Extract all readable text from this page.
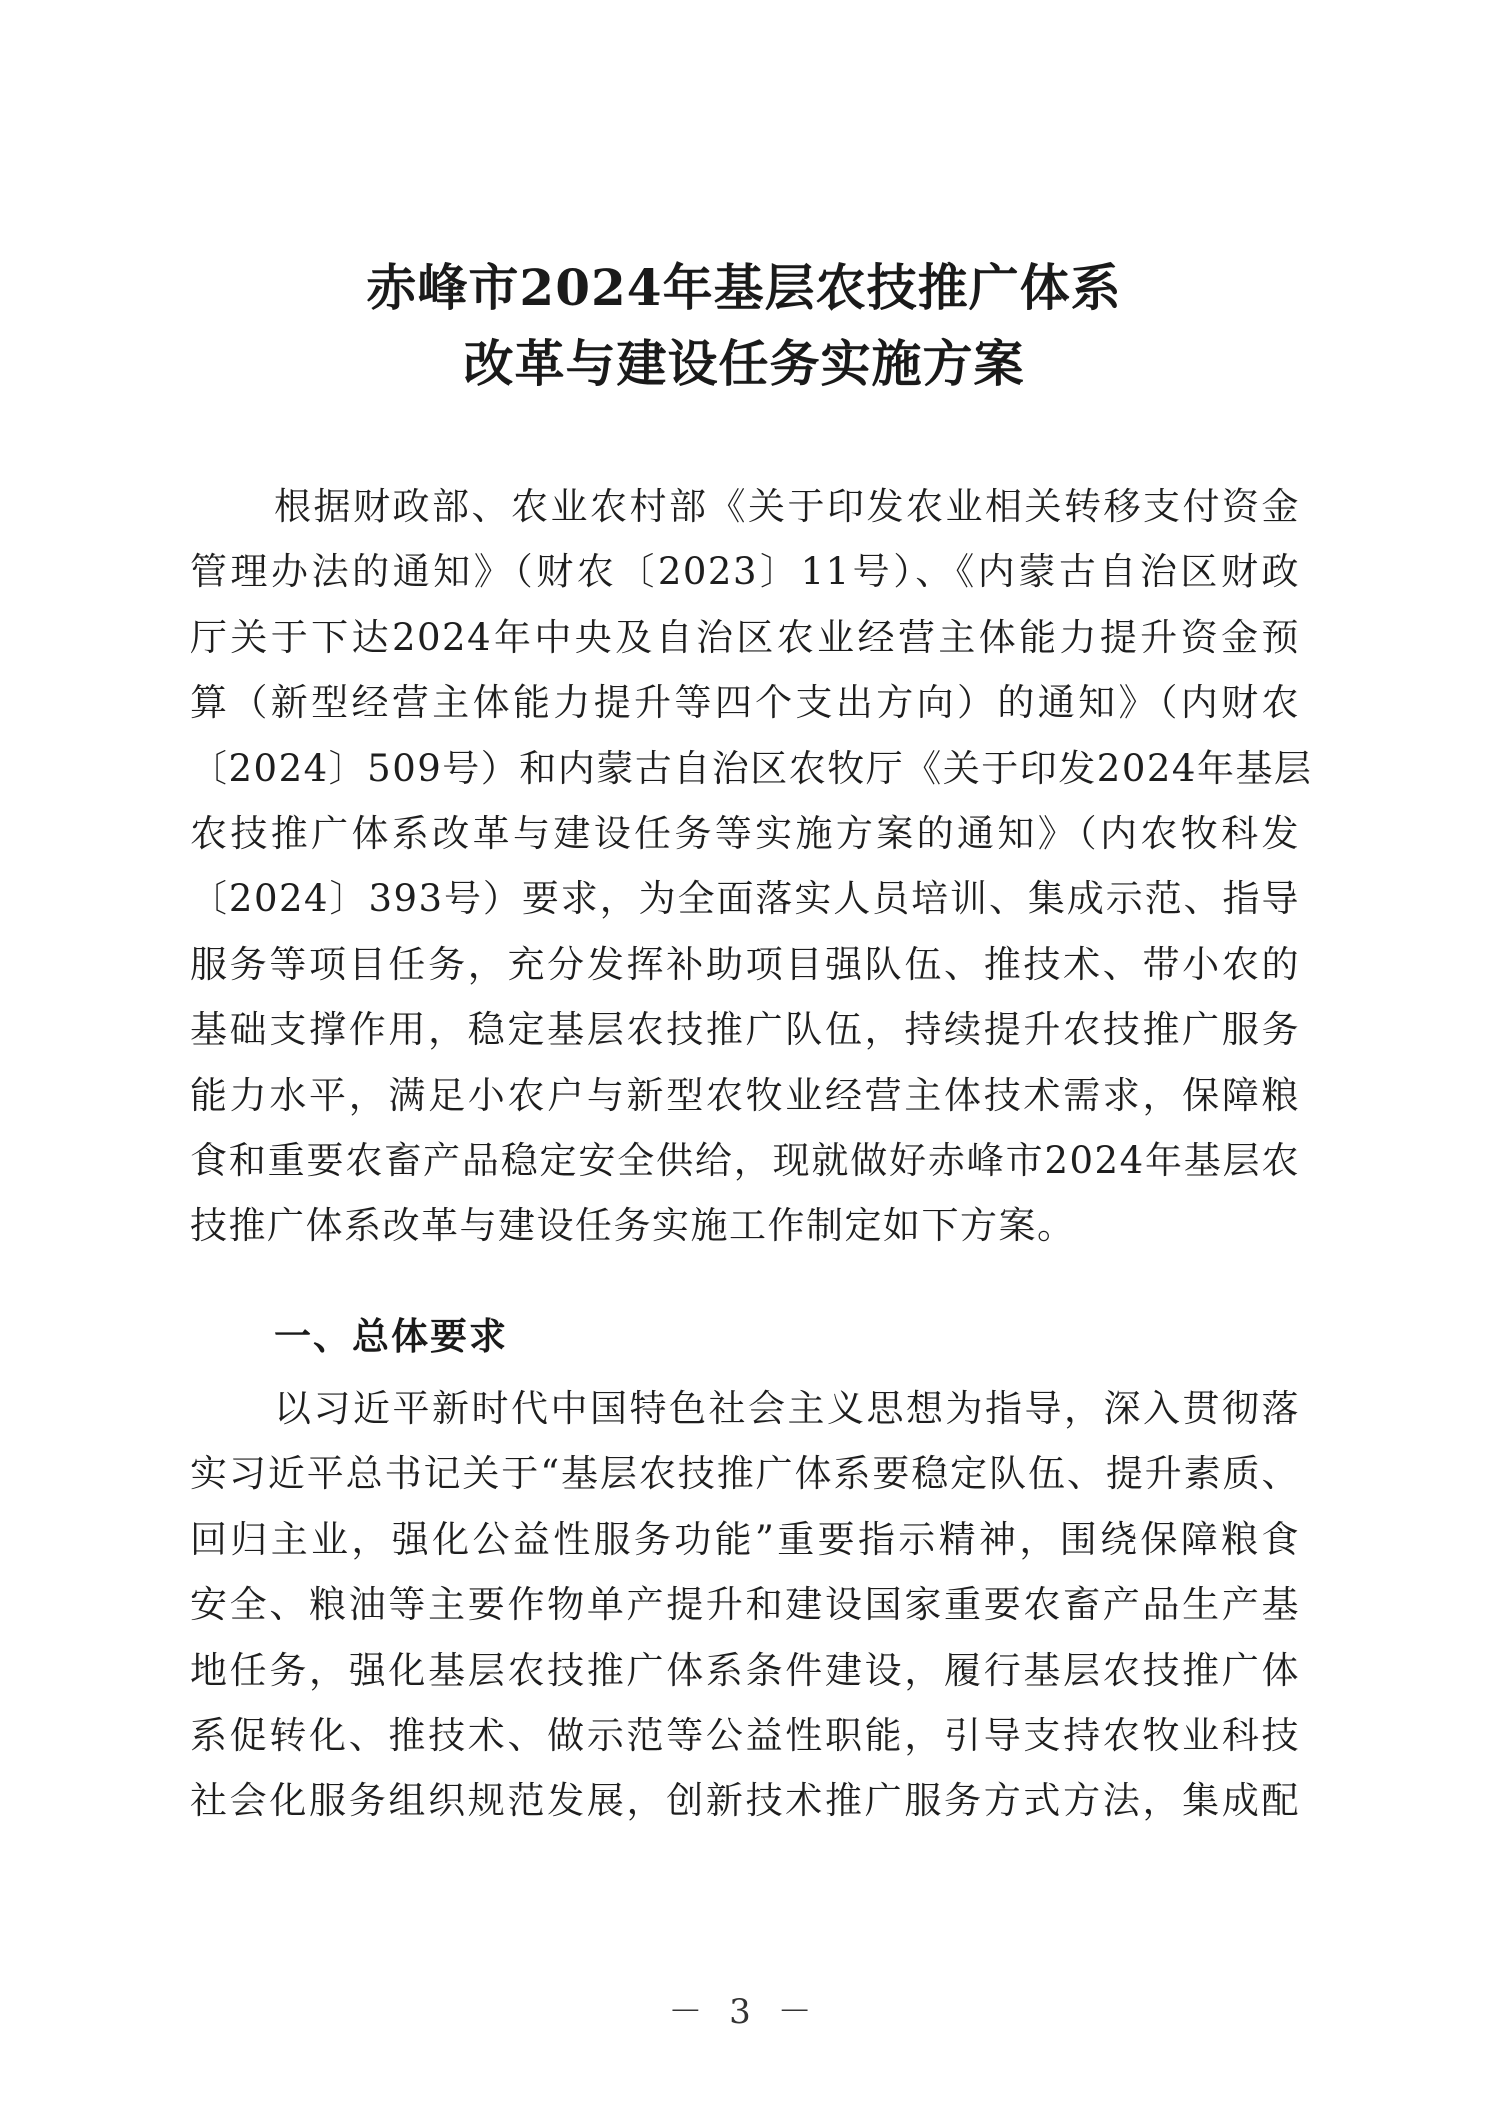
赤峰市2024年基层农技推广体系
改革与建设任务实施方案
根据财政部、农业农村部《关于印发农业相关转移支付资金
管理办法的通知》（财农〔2023〕11号）、《内蒙古自治区财政
厅关于下达2024年中央及自治区农业经营主体能力提升资金预
算（新型经营主体能力提升等四个支出方向）的通知》（内财农
〔2024〕509号）和内蒙古自治区农牧厅《关于印发2024年基层
农技推广体系改革与建设任务等实施方案的通知》（内农牧科发
〔2024〕393号）要求，为全面落实人员培训、集成示范、指导
服务等项目任务，充分发挥补助项目强队伍、推技术、带小农的
基础支撑作用，稳定基层农技推广队伍，持续提升农技推广服务
能力水平，满足小农户与新型农牧业经营主体技术需求，保障粮
食和重要农畜产品稳定安全供给，现就做好赤峰市2024年基层农
技推广体系改革与建设任务实施工作制定如下方案。
一、总体要求
以习近平新时代中国特色社会主义思想为指导，深入贯彻落
实习近平总书记关于“基层农技推广体系要稳定队伍、提升素质、
回归主业，强化公益性服务功能”重要指示精神，围绕保障粮食
安全、粮油等主要作物单产提升和建设国家重要农畜产品生产基
地任务，强化基层农技推广体系条件建设，履行基层农技推广体
系促转化、推技术、做示范等公益性职能，引导支持农牧业科技
社会化服务组织规范发展，创新技术推广服务方式方法，集成配
－ 3 －
